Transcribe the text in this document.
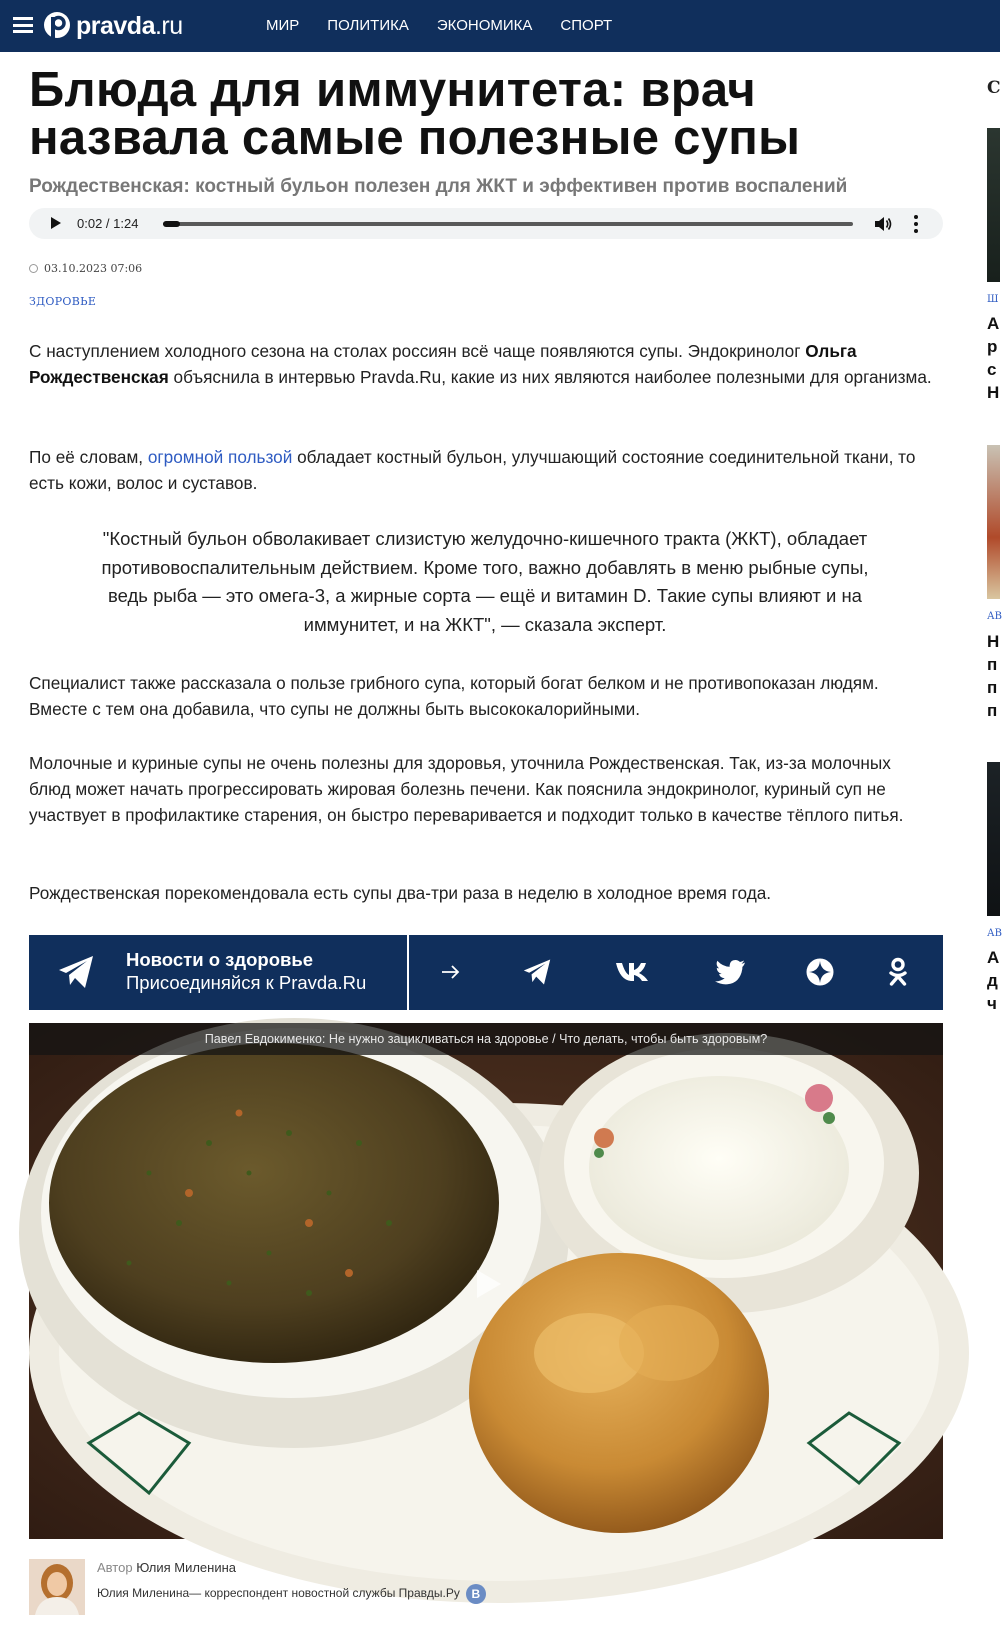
pravda.ru	МИР ПОЛИТИКА ЭКОНОМИКА СПОРТ
Блюда для иммунитета: врач назвала самые полезные супы
Рождественская: костный бульон полезен для ЖКТ и эффективен против воспалений
0:02 / 1:24
03.10.2023 07:06
ЗДОРОВЬЕ

С наступлением холодного сезона на столах россиян всё чаще появляются супы. Эндокринолог Ольга Рождественская объяснила в интервью Pravda.Ru, какие из них являются наиболее полезными для организма.

По её словам, огромной пользой обладает костный бульон, улучшающий состояние соединительной ткани, то есть кожи, волос и суставов.

"Костный бульон обволакивает слизистую желудочно-кишечного тракта (ЖКТ), обладает противовоспалительным действием. Кроме того, важно добавлять в меню рыбные супы, ведь рыба — это омега-3, а жирные сорта — ещё и витамин D. Такие супы влияют и на иммунитет, и на ЖКТ", — сказала эксперт.

Специалист также рассказала о пользе грибного супа, который богат белком и не противопоказан людям. Вместе с тем она добавила, что супы не должны быть высококалорийными.

Молочные и куриные супы не очень полезны для здоровья, уточнила Рождественская. Так, из-за молочных блюд может начать прогрессировать жировая болезнь печени. Как пояснила эндокринолог, куриный суп не участвует в профилактике старения, он быстро переваривается и подходит только в качестве тёплого питья.

Рождественская порекомендовала есть супы два-три раза в неделю в холодное время года.

Новости о здоровье
Присоединяйся к Pravda.Ru
Павел Евдокименко: Не нужно зацикливаться на здоровье / Что делать, чтобы быть здоровым?
Автор Юлия Миленина
Юлия Миленина— корреспондент новостной службы Правды.Ру В
С
Ш
А
р
с
Н
АВ
Н
п
п
п
АВ
А
д
ч
